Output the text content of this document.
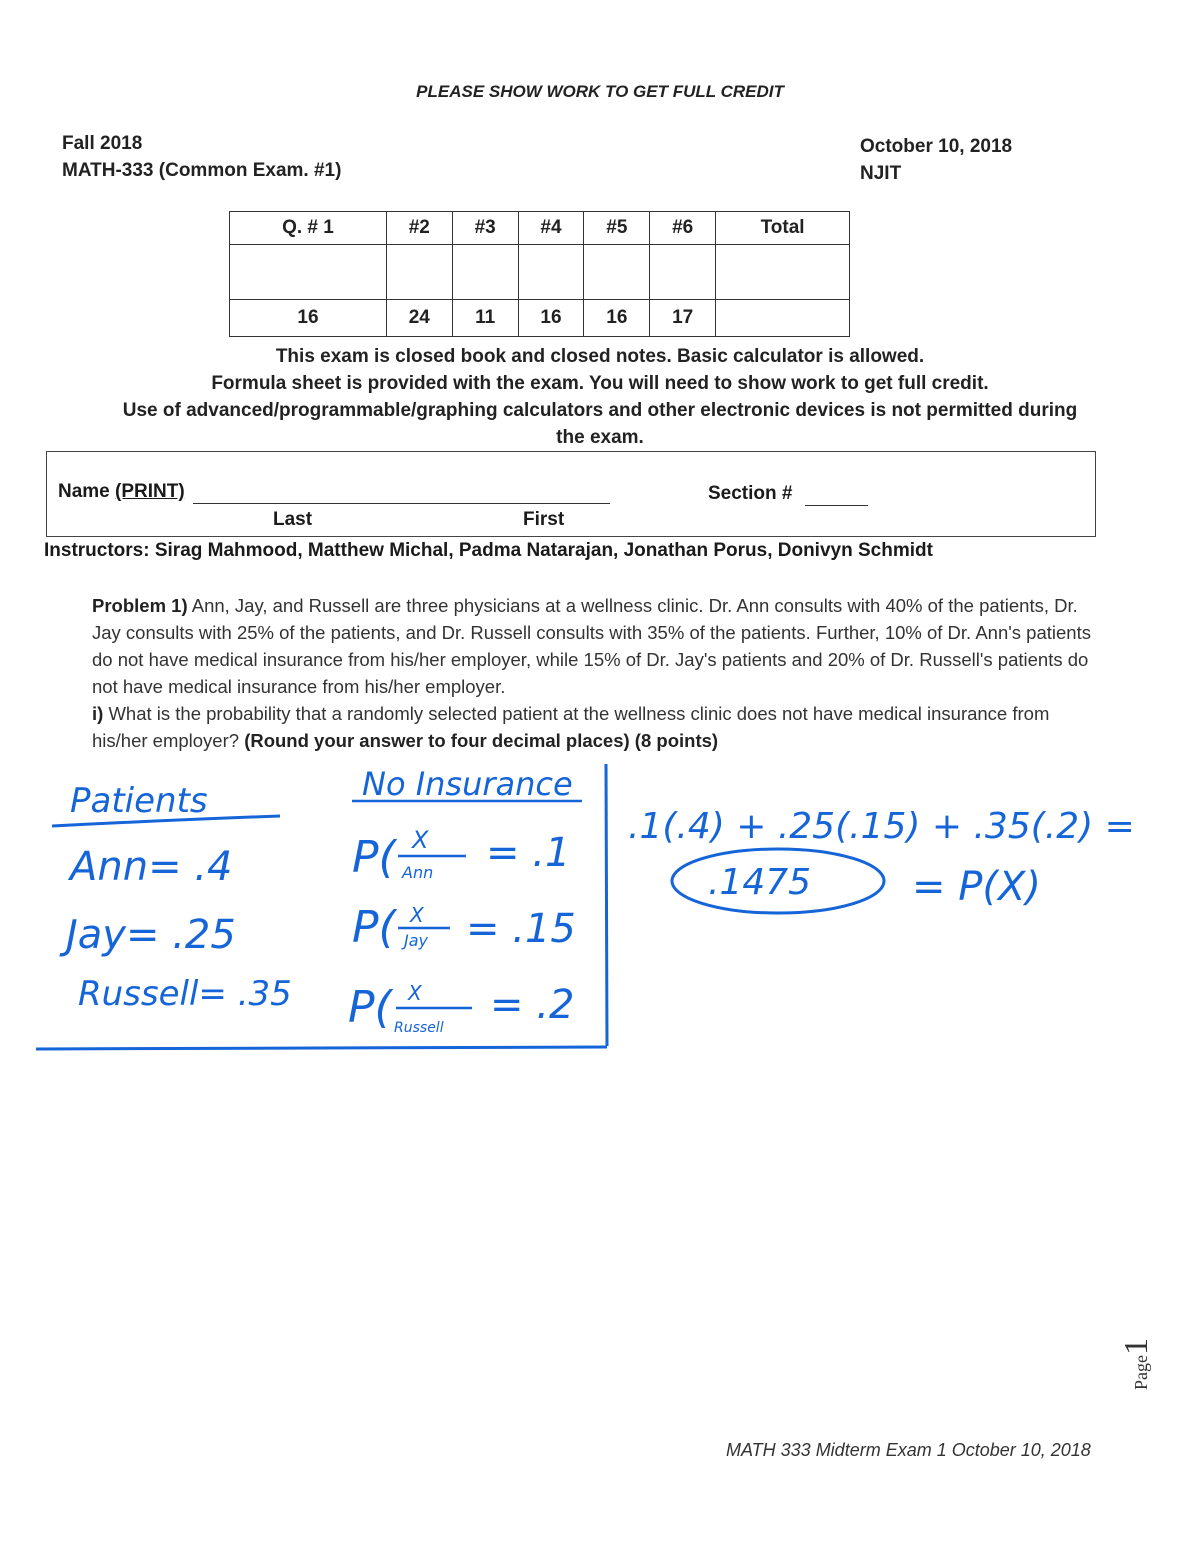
PLEASE SHOW WORK TO GET FULL CREDIT
Fall 2018
MATH-333 (Common Exam. #1)
October 10, 2018
NJIT
Q. # 1	#2	#3	#4	#5	#6	Total

16	24	11	16	16	17	
This exam is closed book and closed notes. Basic calculator is allowed.
Formula sheet is provided with the exam. You will need to show work to get full credit.
Use of advanced/programmable/graphing calculators and other electronic devices is not permitted during
the exam.
Name (PRINT)	Section #
Last	First
Instructors: Sirag Mahmood, Matthew Michal, Padma Natarajan, Jonathan Porus, Donivyn Schmidt
Problem 1) Ann, Jay, and Russell are three physicians at a wellness clinic. Dr. Ann consults with 40% of the patients, Dr. Jay consults with 25% of the patients, and Dr. Russell consults with 35% of the patients. Further, 10% of Dr. Ann's patients do not have medical insurance from his/her employer, while 15% of Dr. Jay's patients and 20% of Dr. Russell's patients do not have medical insurance from his/her employer.
i) What is the probability that a randomly selected patient at the wellness clinic does not have medical insurance from his/her employer? (Round your answer to four decimal places) (8 points)
Patients
Ann= .4
Jay= .25
Russell= .35
No Insurance
P( X
Ann = .1
P( X
Jay = .15
P( X
Russell = .2
.1(.4) + .25(.15) + .35(.2) =
.1475	= P(X)
MATH 333 Midterm Exam 1 October 10, 2018
Page1
